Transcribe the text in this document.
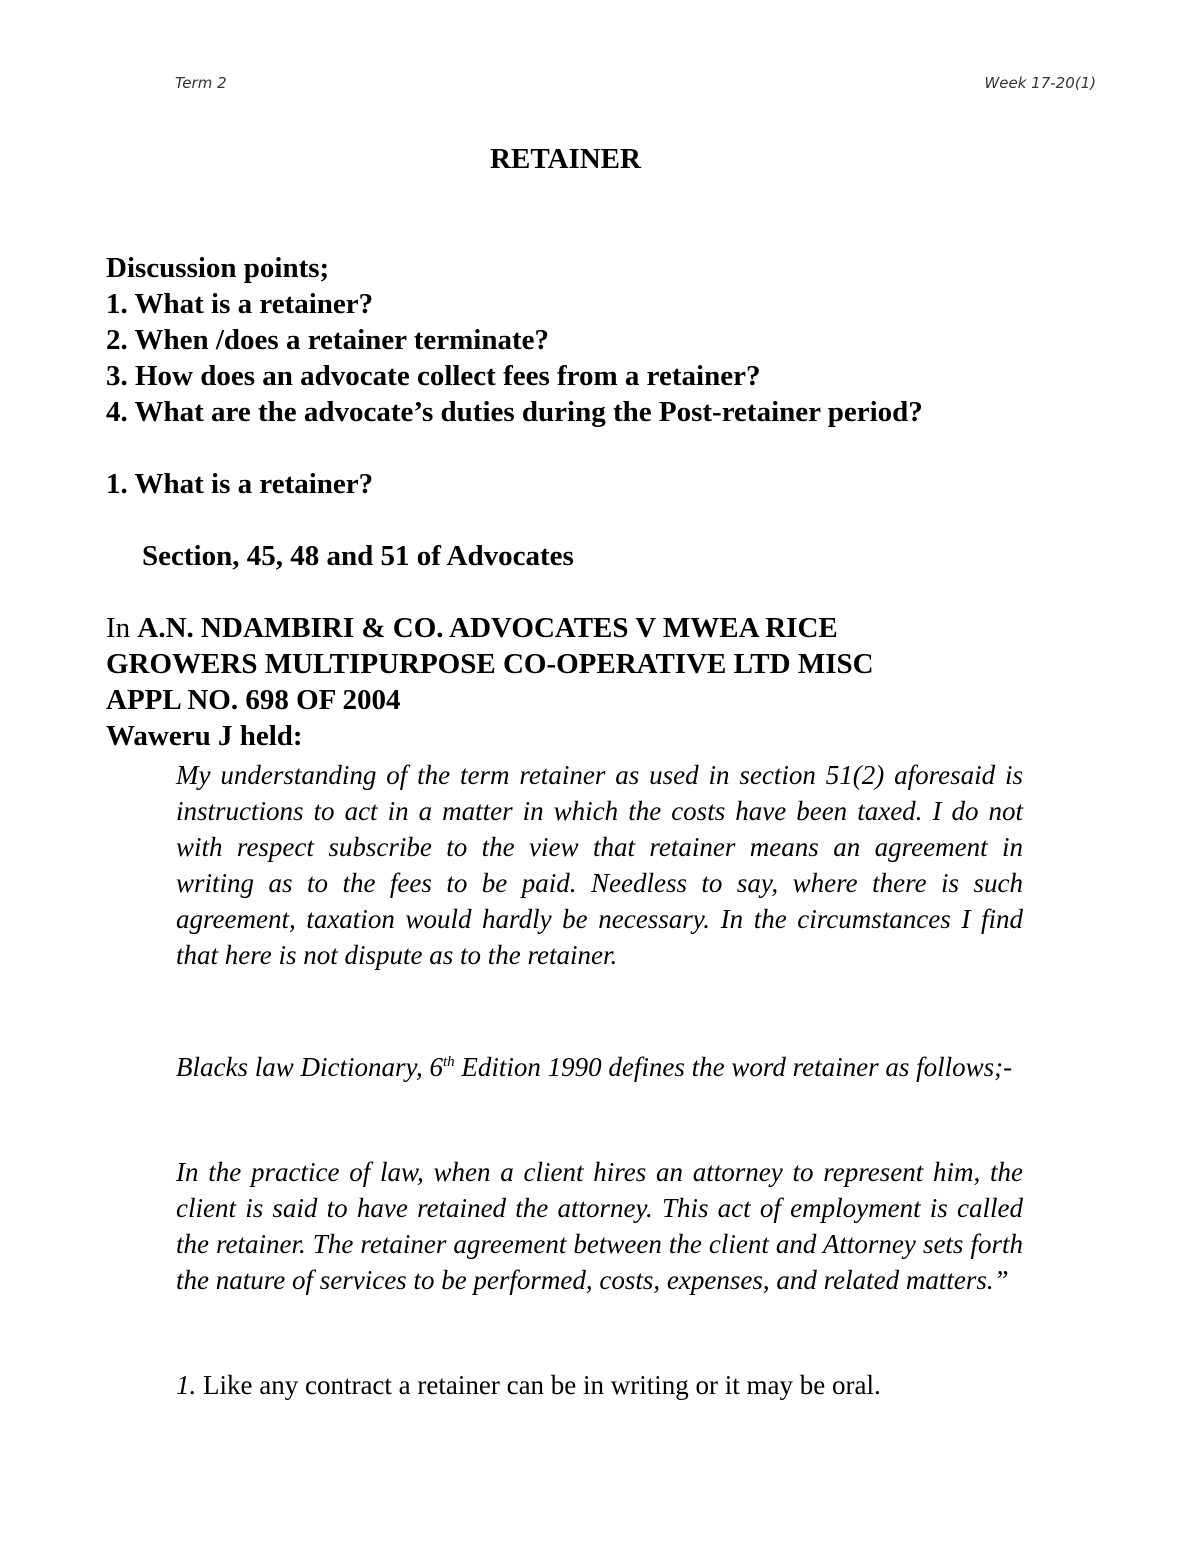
Term 2	Week 17-20(1)
RETAINER
Discussion points;
1. What is a retainer?
2. When /does a retainer terminate?
3. How does an advocate collect fees from a retainer?
4. What are the advocate’s duties during the Post-retainer period?
1. What is a retainer?
Section, 45, 48 and 51 of Advocates
In A.N. NDAMBIRI & CO. ADVOCATES V MWEA RICE
GROWERS MULTIPURPOSE CO-OPERATIVE LTD MISC
APPL NO. 698 OF 2004
Waweru J held:

My understanding of the term retainer as used in section 51(2) aforesaid is instructions to act in a matter in which the costs have been taxed. I do not with respect subscribe to the view that retainer means an agreement in writing as to the fees to be paid. Needless to say, where there is such agreement, taxation would hardly be necessary. In the circumstances I find that here is not dispute as to the retainer.

Blacks law Dictionary, 6th Edition 1990 defines the word retainer as follows;-

In the practice of law, when a client hires an attorney to represent him, the client is said to have retained the attorney. This act of employment is called the retainer. The retainer agreement between the client and Attorney sets forth the nature of services to be performed, costs, expenses, and related matters.”

1. Like any contract a retainer can be in writing or it may be oral.
